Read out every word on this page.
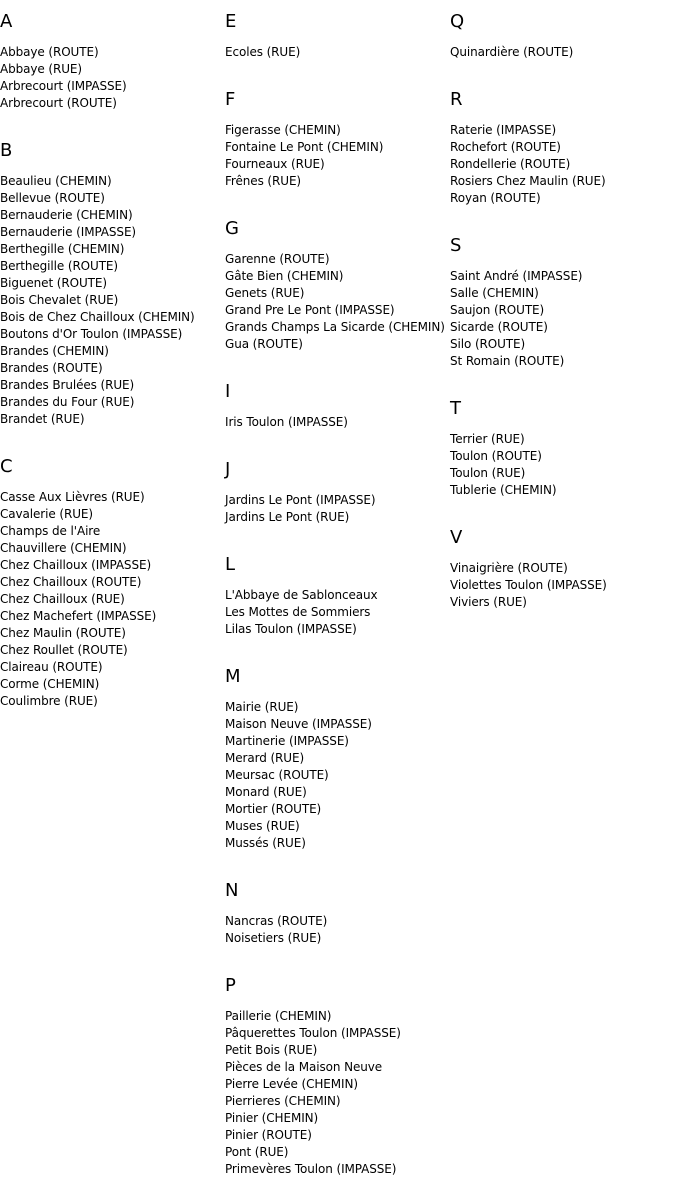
A
Abbaye (ROUTE)
Abbaye (RUE)
Arbrecourt (IMPASSE)
Arbrecourt (ROUTE)
B
Beaulieu (CHEMIN)
Bellevue (ROUTE)
Bernauderie (CHEMIN)
Bernauderie (IMPASSE)
Berthegille (CHEMIN)
Berthegille (ROUTE)
Biguenet (ROUTE)
Bois Chevalet (RUE)
Bois de Chez Chailloux (CHEMIN)
Boutons d'Or Toulon (IMPASSE)
Brandes (CHEMIN)
Brandes (ROUTE)
Brandes Brulées (RUE)
Brandes du Four (RUE)
Brandet (RUE)
C
Casse Aux Lièvres (RUE)
Cavalerie (RUE)
Champs de l'Aire
Chauvillere (CHEMIN)
Chez Chailloux (IMPASSE)
Chez Chailloux (ROUTE)
Chez Chailloux (RUE)
Chez Machefert (IMPASSE)
Chez Maulin (ROUTE)
Chez Roullet (ROUTE)
Claireau (ROUTE)
Corme (CHEMIN)
Coulimbre (RUE)
E
Ecoles (RUE)
F
Figerasse (CHEMIN)
Fontaine Le Pont (CHEMIN)
Fourneaux (RUE)
Frênes (RUE)
G
Garenne (ROUTE)
Gâte Bien (CHEMIN)
Genets (RUE)
Grand Pre Le Pont (IMPASSE)
Grands Champs La Sicarde (CHEMIN)
Gua (ROUTE)
I
Iris Toulon (IMPASSE)
J
Jardins Le Pont (IMPASSE)
Jardins Le Pont (RUE)
L
L'Abbaye de Sablonceaux
Les Mottes de Sommiers
Lilas Toulon (IMPASSE)
M
Mairie (RUE)
Maison Neuve (IMPASSE)
Martinerie (IMPASSE)
Merard (RUE)
Meursac (ROUTE)
Monard (RUE)
Mortier (ROUTE)
Muses (RUE)
Mussés (RUE)
N
Nancras (ROUTE)
Noisetiers (RUE)
P
Paillerie (CHEMIN)
Pâquerettes Toulon (IMPASSE)
Petit Bois (RUE)
Pièces de la Maison Neuve
Pierre Levée (CHEMIN)
Pierrieres (CHEMIN)
Pinier (CHEMIN)
Pinier (ROUTE)
Pont (RUE)
Primevères Toulon (IMPASSE)
Q
Quinardière (ROUTE)
R
Raterie (IMPASSE)
Rochefort (ROUTE)
Rondellerie (ROUTE)
Rosiers Chez Maulin (RUE)
Royan (ROUTE)
S
Saint André (IMPASSE)
Salle (CHEMIN)
Saujon (ROUTE)
Sicarde (ROUTE)
Silo (ROUTE)
St Romain (ROUTE)
T
Terrier (RUE)
Toulon (ROUTE)
Toulon (RUE)
Tublerie (CHEMIN)
V
Vinaigrière (ROUTE)
Violettes Toulon (IMPASSE)
Viviers (RUE)
